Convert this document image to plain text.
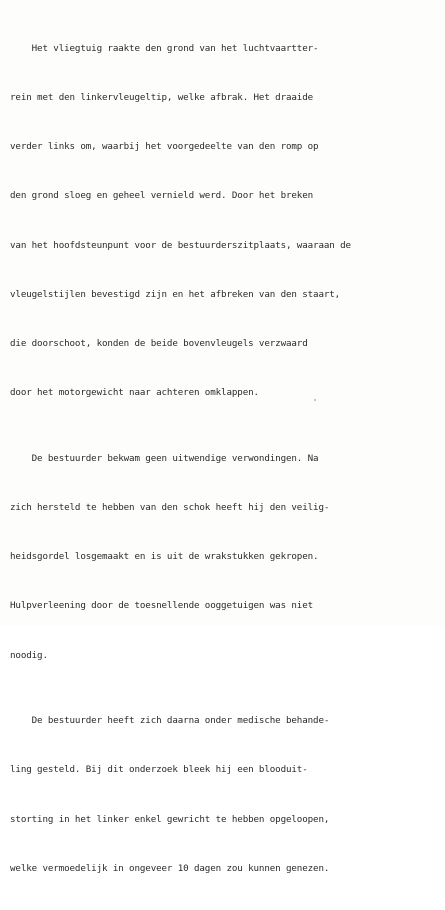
Het vliegtuig raakte den grond van het luchtvaartter-

rein met den linkervleugeltip, welke afbrak. Het draaide

verder links om, waarbij het voorgedeelte van den romp op

den grond sloeg en geheel vernield werd. Door het breken

van het hoofdsteunpunt voor de bestuurderszitplaats, waaraan de

vleugelstijlen bevestigd zijn en het afbreken van den staart,

die doorschoot, konden de beide bovenvleugels verzwaard

door het motorgewicht naar achteren omklappen.

De bestuurder bekwam geen uitwendige verwondingen. Na

zich hersteld te hebben van den schok heeft hij den veilig-

heidsgordel losgemaakt en is uit de wrakstukken gekropen.

Hulpverleening door de toesnellende ooggetuigen was niet

noodig.

De bestuurder heeft zich daarna onder medische behande-

ling gesteld. Bij dit onderzoek bleek hij een blooduit-

storting in het linker enkel gewricht te hebben opgeloopen,

welke vermoedelijk in ongeveer 10 dagen zou kunnen genezen.
